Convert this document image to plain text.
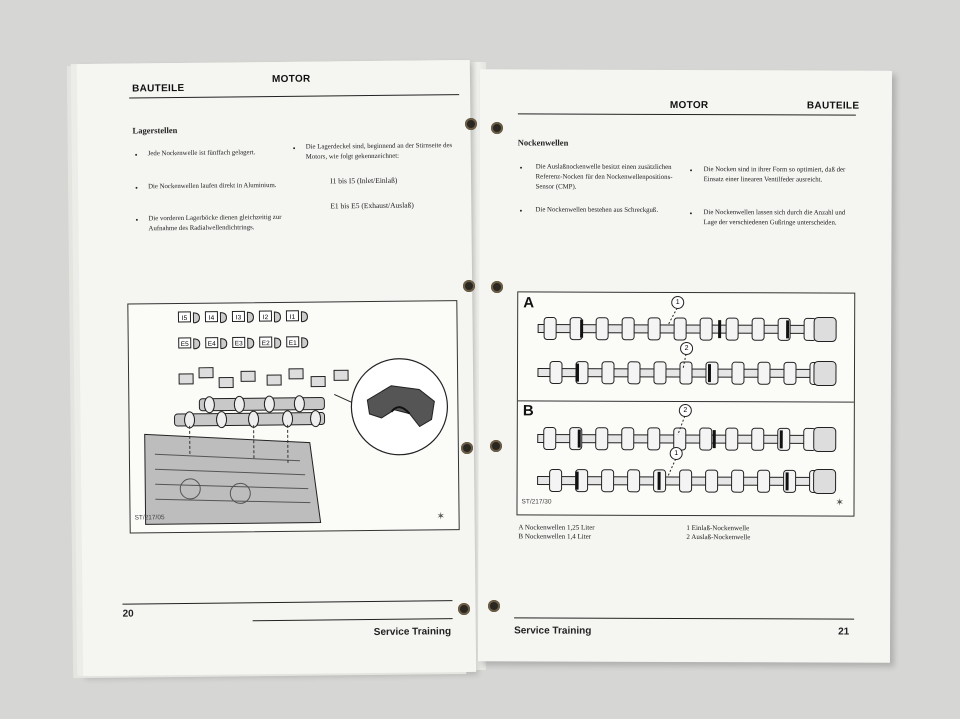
BAUTEILE
MOTOR
Lagerstellen
• Jede Nockenwelle ist fünffach gelagert.
• Die Nockenwellen laufen direkt in Aluminium.
• Die vorderen Lagerböcke dienen gleichzeitig zur Aufnahme des Radialwellendichtrings.
• Die Lagerdeckel sind, beginnend an der Stirnseite des Motors, wie folgt gekennzeichnet:
I1 bis I5 (Inlet/Einlaß)
E1 bis E5 (Exhaust/Auslaß)
I5	I4	I3	I2	I1
E5	E4	E3	E2	E1
ST/217/05	✶
20
Service Training
MOTOR	BAUTEILE
Nockenwellen
• Die Auslaßnockenwelle besitzt einen zusätzlichen Referenz-Nocken für den Nockenwellenpositions-Sensor (CMP).
• Die Nockenwellen bestehen aus Schreckguß.
• Die Nocken sind in ihrer Form so optimiert, daß der Einsatz einer linearen Ventilfeder ausreicht.
• Die Nockenwellen lassen sich durch die Anzahl und Lage der verschiedenen Gußringe unterscheiden.
A
B
1
2
2
1
ST/217/30	✶
A Nockenwellen 1,25 Liter
B Nockenwellen 1,4 Liter
1 Einlaß-Nockenwelle
2 Auslaß-Nockenwelle
Service Training	21
